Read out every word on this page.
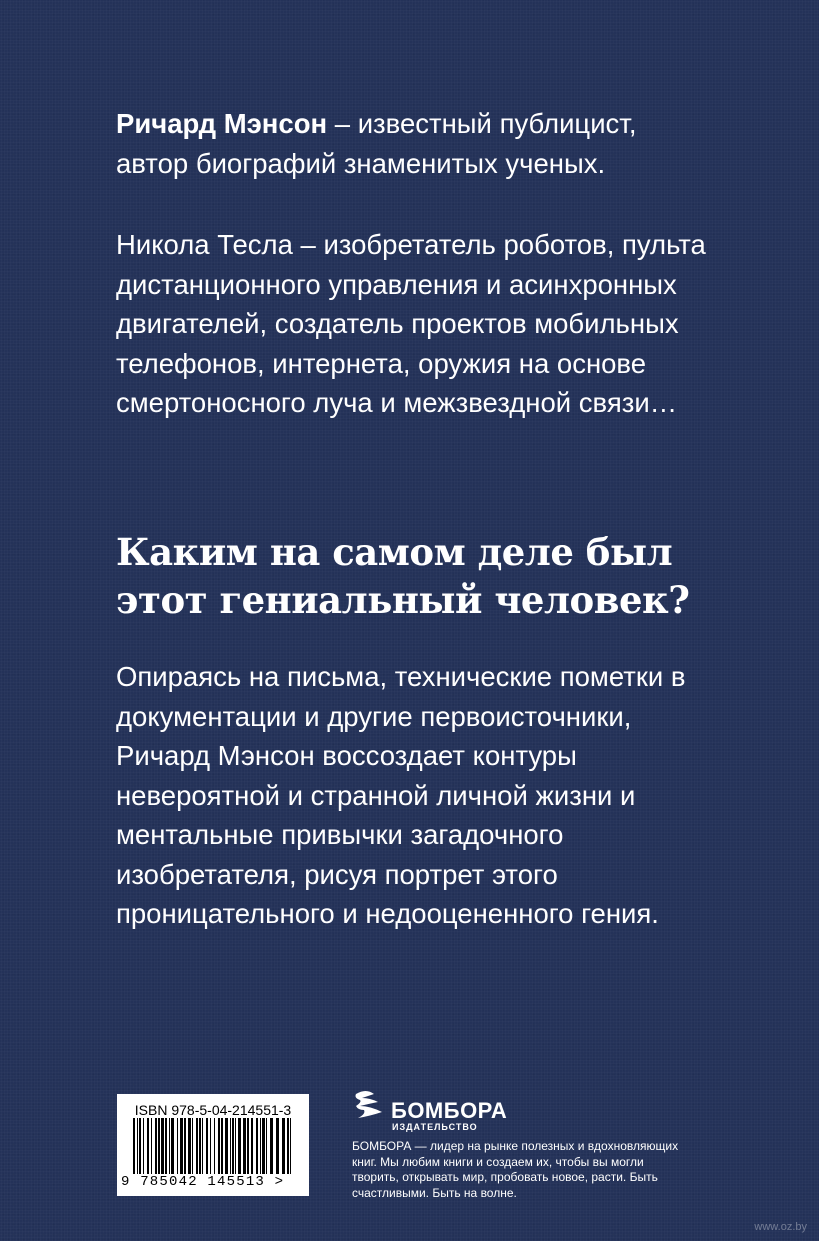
Ричард Мэнсон – известный публицист, автор биографий знаменитых ученых.

Никола Тесла – изобретатель роботов, пульта дистанционного управления и асинхронных двигателей, создатель проектов мобильных телефонов, интернета, оружия на основе смертоносного луча и межзвездной связи…

Каким на самом деле был этот гениальный человек?

Опираясь на письма, технические пометки в документации и другие первоисточники, Ричард Мэнсон воссоздает контуры невероятной и странной личной жизни и ментальные привычки загадочного изобретателя, рисуя портрет этого проницательного и недооцененного гения.

ISBN 978-5-04-214551-3
9 785042 145513 >
БОМБОРА
ИЗДАТЕЛЬСТВО

БОМБОРА — лидер на рынке полезных и вдохновляющих книг. Мы любим книги и создаем их, чтобы вы могли творить, открывать мир, пробовать новое, расти. Быть счастливыми. Быть на волне.

www.oz.by
